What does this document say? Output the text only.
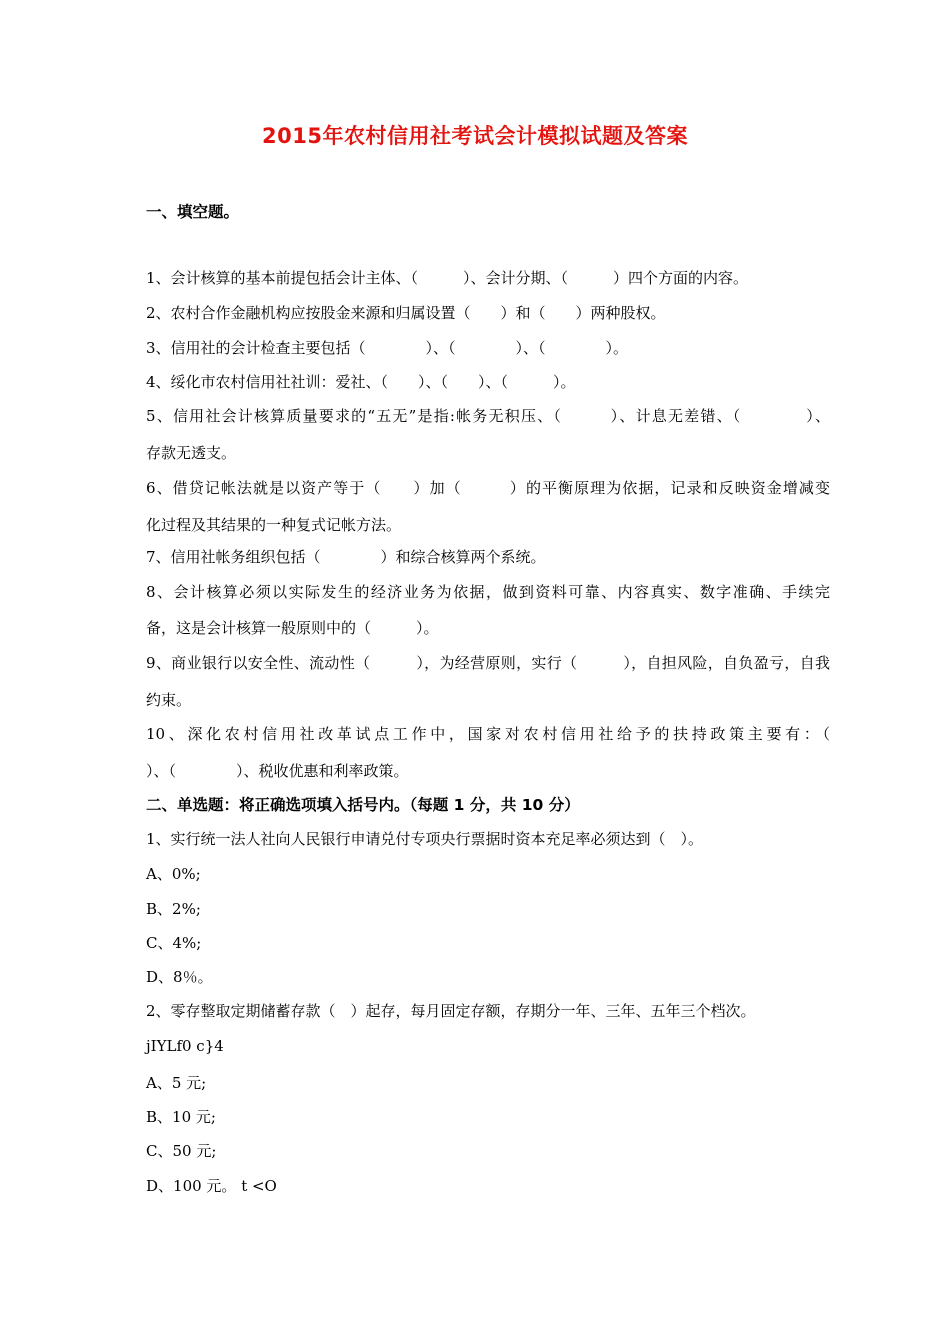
2015年农村信用社考试会计模拟试题及答案
一、填空题。
1、会计核算的基本前提包括会计主体、（　　　）、会计分期、（　　　）四个方面的内容。
2、农村合作金融机构应按股金来源和归属设置（　　）和（　　）两种股权。
3、信用社的会计检查主要包括（　　　　）、（　　　　）、（　　　　）。
4、绥化市农村信用社社训：爱社、（　　）、（　　）、（　　　）。
5、信用社会计核算质量要求的“五无”是指:帐务无积压、（　　　）、计息无差错、（　　　　）、
存款无透支。
6、借贷记帐法就是以资产等于（　　）加（　　　）的平衡原理为依据，记录和反映资金增减变
化过程及其结果的一种复式记帐方法。
7、信用社帐务组织包括（　　　　）和综合核算两个系统。
8、会计核算必须以实际发生的经济业务为依据，做到资料可靠、内容真实、数字准确、手续完
备，这是会计核算一般原则中的（　　　）。
9、商业银行以安全性、流动性（　　　），为经营原则，实行（　　　），自担风险，自负盈亏，自我
约束。
10、深化农村信用社改革试点工作中，国家对农村信用社给予的扶持政策主要有：（
）、（　　　　）、税收优惠和利率政策。
二、单选题：将正确选项填入括号内。（每题 1 分，共 10 分）
1、实行统一法人社向人民银行申请兑付专项央行票据时资本充足率必须达到（　）。
A、0%;
B、2%;
C、4%;
D、8％。
2、零存整取定期储蓄存款（　）起存，每月固定存额，存期分一年、三年、五年三个档次。
jIYLf0 c}4
A、5 元;
B、10 元;
C、50 元;
D、100 元。 t <O
